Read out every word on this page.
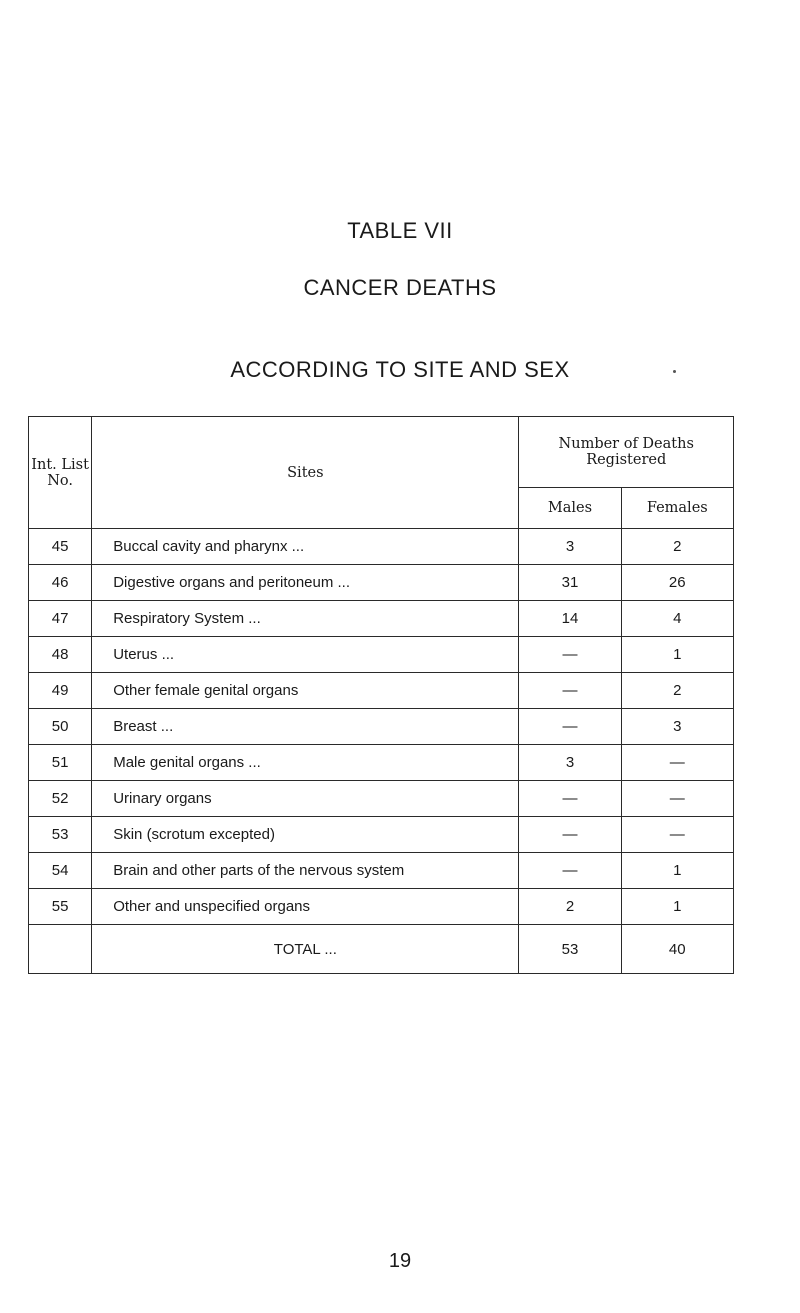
TABLE VII
CANCER DEATHS
ACCORDING TO SITE AND SEX
Int. List No.	Sites	Number of Deaths Registered	
		Males	Females
45	Buccal cavity and pharynx ...	3	2
46	Digestive organs and peritoneum ...	31	26
47	Respiratory System ...	14	4
48	Uterus ...	—	1
49	Other female genital organs	—	2
50	Breast ...	—	3
51	Male genital organs ...	3	—
52	Urinary organs	—	—
53	Skin (scrotum excepted)	—	—
54	Brain and other parts of the nervous system	—	1
55	Other and unspecified organs	2	1
	TOTAL ...	53	40
19
